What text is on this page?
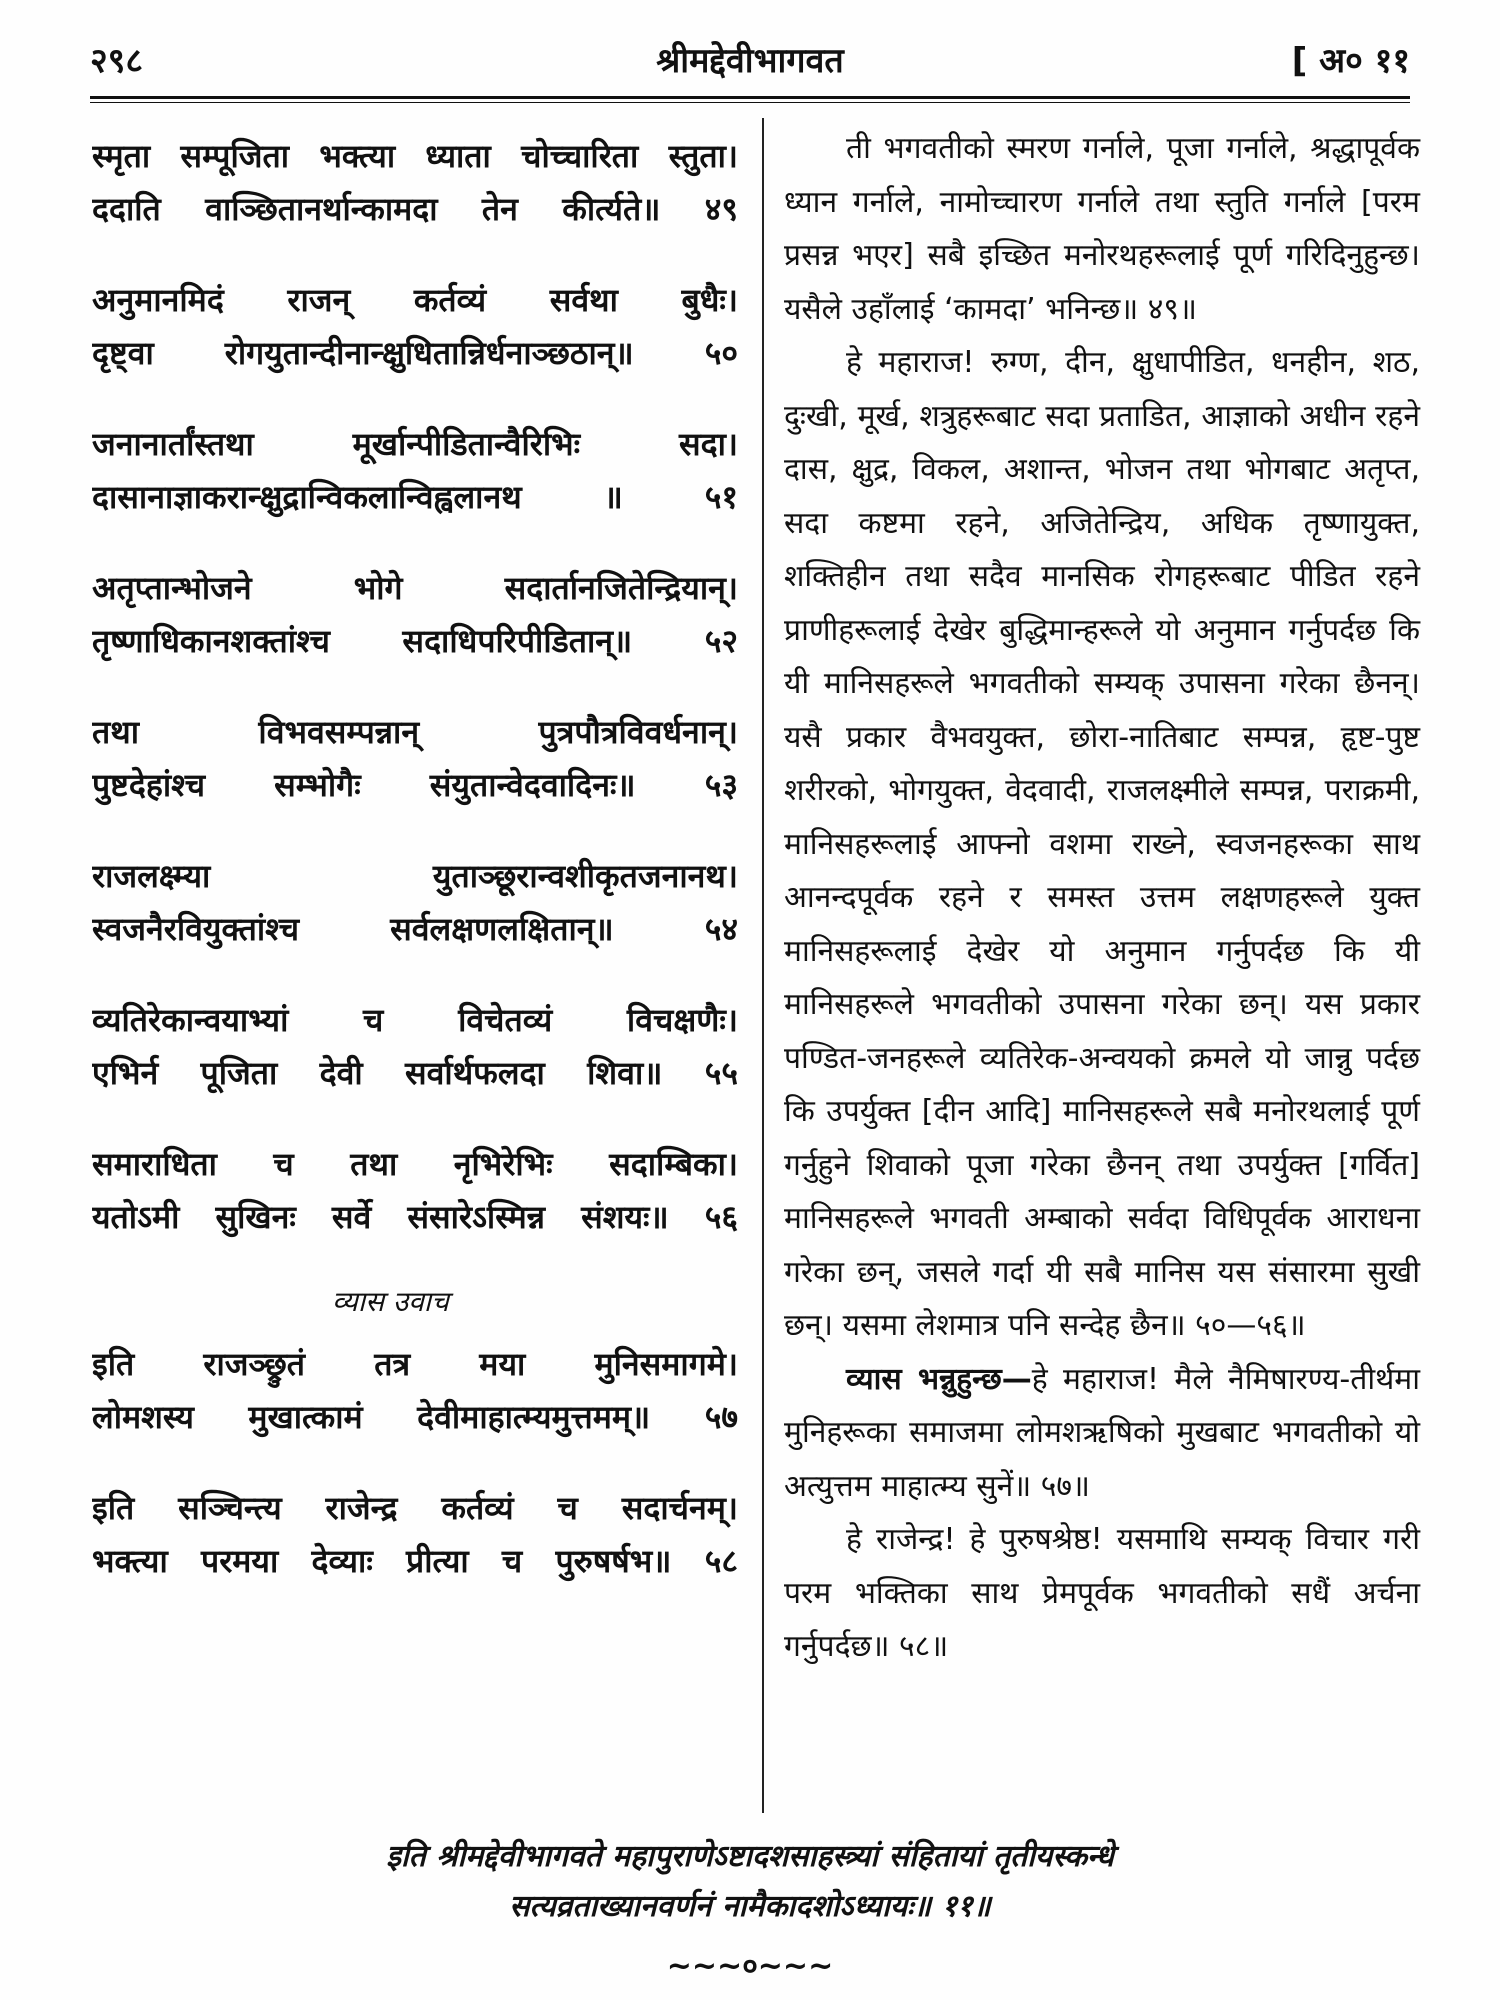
२९८	श्रीमद्देवीभागवत	[ अ० ११
स्मृता सम्पूजिता भक्त्या ध्याता चोच्चारिता स्तुता।
ददाति वाञ्छितानर्थान्कामदा तेन कीर्त्यते॥ ४९
अनुमानमिदं राजन् कर्तव्यं सर्वथा बुधैः।
दृष्ट्वा रोगयुतान्दीनान्क्षुधितान्निर्धनाञ्छठान्॥ ५०
जनानार्तांस्तथा मूर्खान्पीडितान्वैरिभिः सदा।
दासानाज्ञाकरान्क्षुद्रान्विकलान्विह्वलानथ ॥ ५१
अतृप्तान्भोजने भोगे सदार्तानजितेन्द्रियान्।
तृष्णाधिकानशक्तांश्च सदाधिपरिपीडितान्॥ ५२
तथा विभवसम्पन्नान् पुत्रपौत्रविवर्धनान्।
पुष्टदेहांश्च सम्भोगैः संयुतान्वेदवादिनः॥ ५३
राजलक्ष्म्या युताञ्छूरान्वशीकृतजनानथ।
स्वजनैरवियुक्तांश्च सर्वलक्षणलक्षितान्॥ ५४
व्यतिरेकान्वयाभ्यां च विचेतव्यं विचक्षणैः।
एभिर्न पूजिता देवी सर्वार्थफलदा शिवा॥ ५५
समाराधिता च तथा नृभिरेभिः सदाम्बिका।
यतोऽमी सुखिनः सर्वे संसारेऽस्मिन्न संशयः॥ ५६
व्यास उवाच
इति राजञ्छ्रुतं तत्र मया मुनिसमागमे।
लोमशस्य मुखात्कामं देवीमाहात्म्यमुत्तमम्॥ ५७
इति सञ्चिन्त्य राजेन्द्र कर्तव्यं च सदार्चनम्।
भक्त्या परमया देव्याः प्रीत्या च पुरुषर्षभ॥ ५८

ती भगवतीको स्मरण गर्नाले, पूजा गर्नाले, श्रद्धापूर्वक ध्यान गर्नाले, नामोच्चारण गर्नाले तथा स्तुति गर्नाले [परम प्रसन्न भएर] सबै इच्छित मनोरथहरूलाई पूर्ण गरिदिनुहुन्छ। यसैले उहाँलाई ‘कामदा’ भनिन्छ॥ ४९॥

हे महाराज! रुग्ण, दीन, क्षुधापीडित, धनहीन, शठ, दुःखी, मूर्ख, शत्रुहरूबाट सदा प्रताडित, आज्ञाको अधीन रहने दास, क्षुद्र, विकल, अशान्त, भोजन तथा भोगबाट अतृप्त, सदा कष्टमा रहने, अजितेन्द्रिय, अधिक तृष्णायुक्त, शक्तिहीन तथा सदैव मानसिक रोगहरूबाट पीडित रहने प्राणीहरूलाई देखेर बुद्धिमान्हरूले यो अनुमान गर्नुपर्दछ कि यी मानिसहरूले भगवतीको सम्यक् उपासना गरेका छैनन्। यसै प्रकार वैभवयुक्त, छोरा-नातिबाट सम्पन्न, हृष्ट-पुष्ट शरीरको, भोगयुक्त, वेदवादी, राजलक्ष्मीले सम्पन्न, पराक्रमी, मानिसहरूलाई आफ्नो वशमा राख्ने, स्वजनहरूका साथ आनन्दपूर्वक रहने र समस्त उत्तम लक्षणहरूले युक्त मानिसहरूलाई देखेर यो अनुमान गर्नुपर्दछ कि यी मानिसहरूले भगवतीको उपासना गरेका छन्। यस प्रकार पण्डित-जनहरूले व्यतिरेक-अन्वयको क्रमले यो जान्नु पर्दछ कि उपर्युक्त [दीन आदि] मानिसहरूले सबै मनोरथलाई पूर्ण गर्नुहुने शिवाको पूजा गरेका छैनन् तथा उपर्युक्त [गर्वित] मानिसहरूले भगवती अम्बाको सर्वदा विधिपूर्वक आराधना गरेका छन्, जसले गर्दा यी सबै मानिस यस संसारमा सुखी छन्। यसमा लेशमात्र पनि सन्देह छैन॥ ५०—५६॥

व्यास भन्नुहुन्छ—हे महाराज! मैले नैमिषारण्य-तीर्थमा मुनिहरूका समाजमा लोमशऋषिको मुखबाट भगवतीको यो अत्युत्तम माहात्म्य सुनें॥ ५७॥

हे राजेन्द्र! हे पुरुषश्रेष्ठ! यसमाथि सम्यक् विचार गरी परम भक्तिका साथ प्रेमपूर्वक भगवतीको सधैं अर्चना गर्नुपर्दछ॥ ५८॥

इति श्रीमद्देवीभागवते महापुराणेऽष्टादशसाहस्त्र्यां संहितायां तृतीयस्कन्धे
सत्यव्रताख्यानवर्णनं नामैकादशोऽध्यायः॥ ११॥
~~~०~~~
